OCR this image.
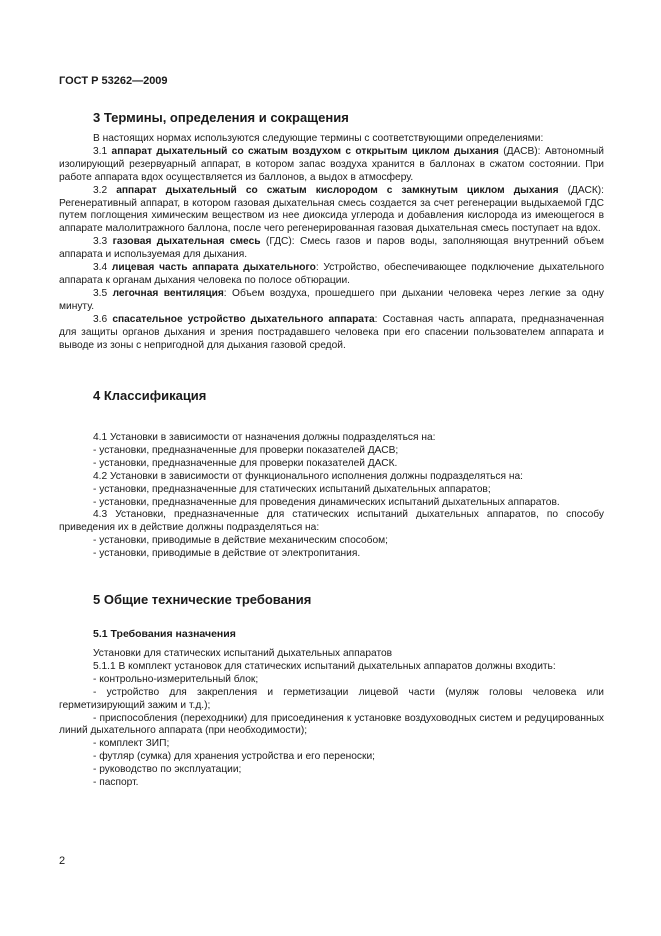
ГОСТ Р 53262—2009
3 Термины, определения и сокращения

В настоящих нормах используются следующие термины с соответствующими определениями:

3.1 аппарат дыхательный со сжатым воздухом с открытым циклом дыхания (ДАСВ): Автономный изолирующий резервуарный аппарат, в котором запас воздуха хранится в баллонах в сжатом состоянии. При работе аппарата вдох осуществляется из баллонов, а выдох в атмосферу.

3.2 аппарат дыхательный со сжатым кислородом с замкнутым циклом дыхания (ДАСК): Регенеративный аппарат, в котором газовая дыхательная смесь создается за счет регенерации выдыхаемой ГДС путем поглощения химическим веществом из нее диоксида углерода и добавления кислорода из имеющегося в аппарате малолитражного баллона, после чего регенерированная газовая дыхательная смесь поступает на вдох.

3.3 газовая дыхательная смесь (ГДС): Смесь газов и паров воды, заполняющая внутренний объем аппарата и используемая для дыхания.

3.4 лицевая часть аппарата дыхательного: Устройство, обеспечивающее подключение дыхательного аппарата к органам дыхания человека по полосе обтюрации.

3.5 легочная вентиляция: Объем воздуха, прошедшего при дыхании человека через легкие за одну минуту.

3.6 спасательное устройство дыхательного аппарата: Составная часть аппарата, предназначенная для защиты органов дыхания и зрения пострадавшего человека при его спасении пользователем аппарата и выводе из зоны с непригодной для дыхания газовой средой.

4 Классификация

4.1 Установки в зависимости от назначения должны подразделяться на:

- установки, предназначенные для проверки показателей ДАСВ;

- установки, предназначенные для проверки показателей ДАСК.

4.2 Установки в зависимости от функционального исполнения должны подразделяться на:

- установки, предназначенные для статических испытаний дыхательных аппаратов;

- установки, предназначенные для проведения динамических испытаний дыхательных аппаратов.

4.3 Установки, предназначенные для статических испытаний дыхательных аппаратов, по способу приведения их в действие должны подразделяться на:

- установки, приводимые в действие механическим способом;

- установки, приводимые в действие от электропитания.

5 Общие технические требования
5.1 Требования назначения

Установки для статических испытаний дыхательных аппаратов

5.1.1 В комплект установок для статических испытаний дыхательных аппаратов должны входить:

- контрольно-измерительный блок;

- устройство для закрепления и герметизации лицевой части (муляж головы человека или герметизирующий зажим и т.д.);

- приспособления (переходники) для присоединения к установке воздуховодных систем и редуцированных линий дыхательного аппарата (при необходимости);

- комплект ЗИП;

- футляр (сумка) для хранения устройства и его переноски;

- руководство по эксплуатации;

- паспорт.

2
